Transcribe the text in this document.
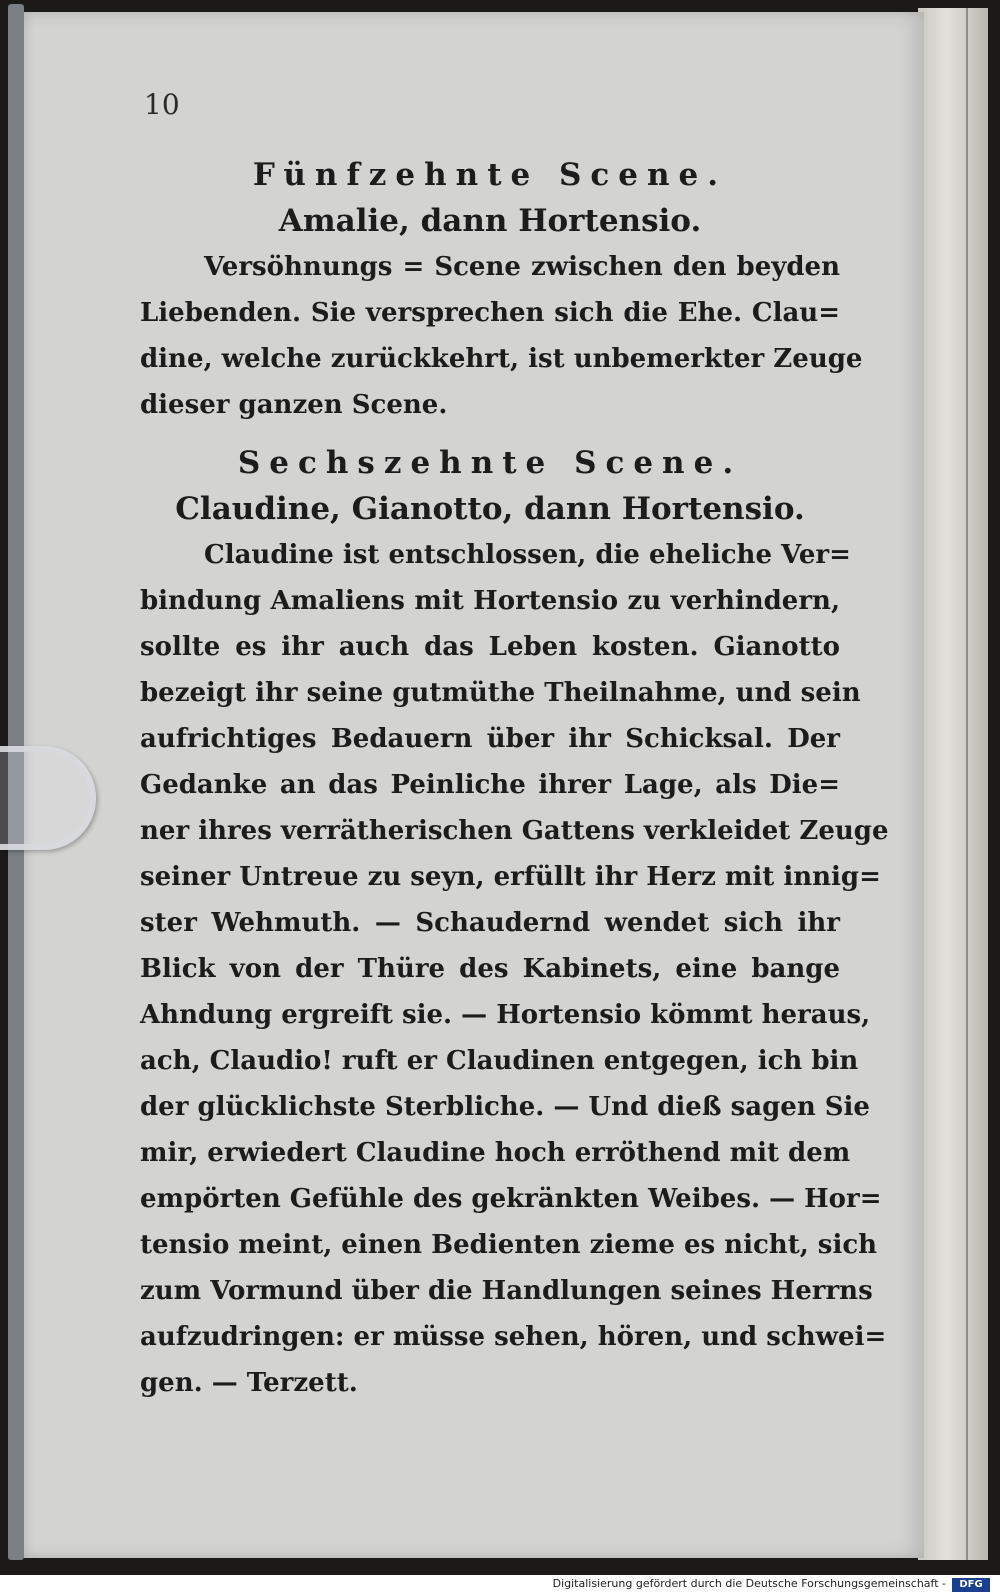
10
Fünfzehnte Scene.
Amalie, dann Hortensio.
Versöhnungs = Scene zwischen den beyden
Liebenden. Sie versprechen sich die Ehe. Clau=
dine, welche zurückkehrt, ist unbemerkter Zeuge
dieser ganzen Scene.
Sechszehnte Scene.
Claudine, Gianotto, dann Hortensio.
Claudine ist entschlossen, die eheliche Ver=
bindung Amaliens mit Hortensio zu verhindern,
sollte es ihr auch das Leben kosten. Gianotto
bezeigt ihr seine gutmüthe Theilnahme, und sein
aufrichtiges Bedauern über ihr Schicksal. Der
Gedanke an das Peinliche ihrer Lage, als Die=
ner ihres verrätherischen Gattens verkleidet Zeuge
seiner Untreue zu seyn, erfüllt ihr Herz mit innig=
ster Wehmuth. — Schaudernd wendet sich ihr
Blick von der Thüre des Kabinets, eine bange
Ahndung ergreift sie. — Hortensio kömmt heraus,
ach, Claudio! ruft er Claudinen entgegen, ich bin
der glücklichste Sterbliche. — Und dieß sagen Sie
mir, erwiedert Claudine hoch erröthend mit dem
empörten Gefühle des gekränkten Weibes. — Hor=
tensio meint, einen Bedienten zieme es nicht, sich
zum Vormund über die Handlungen seines Herrns
aufzudringen: er müsse sehen, hören, und schwei=
gen. — Terzett.
Digitalisierung gefördert durch die Deutsche Forschungsgemeinschaft -	DFG
